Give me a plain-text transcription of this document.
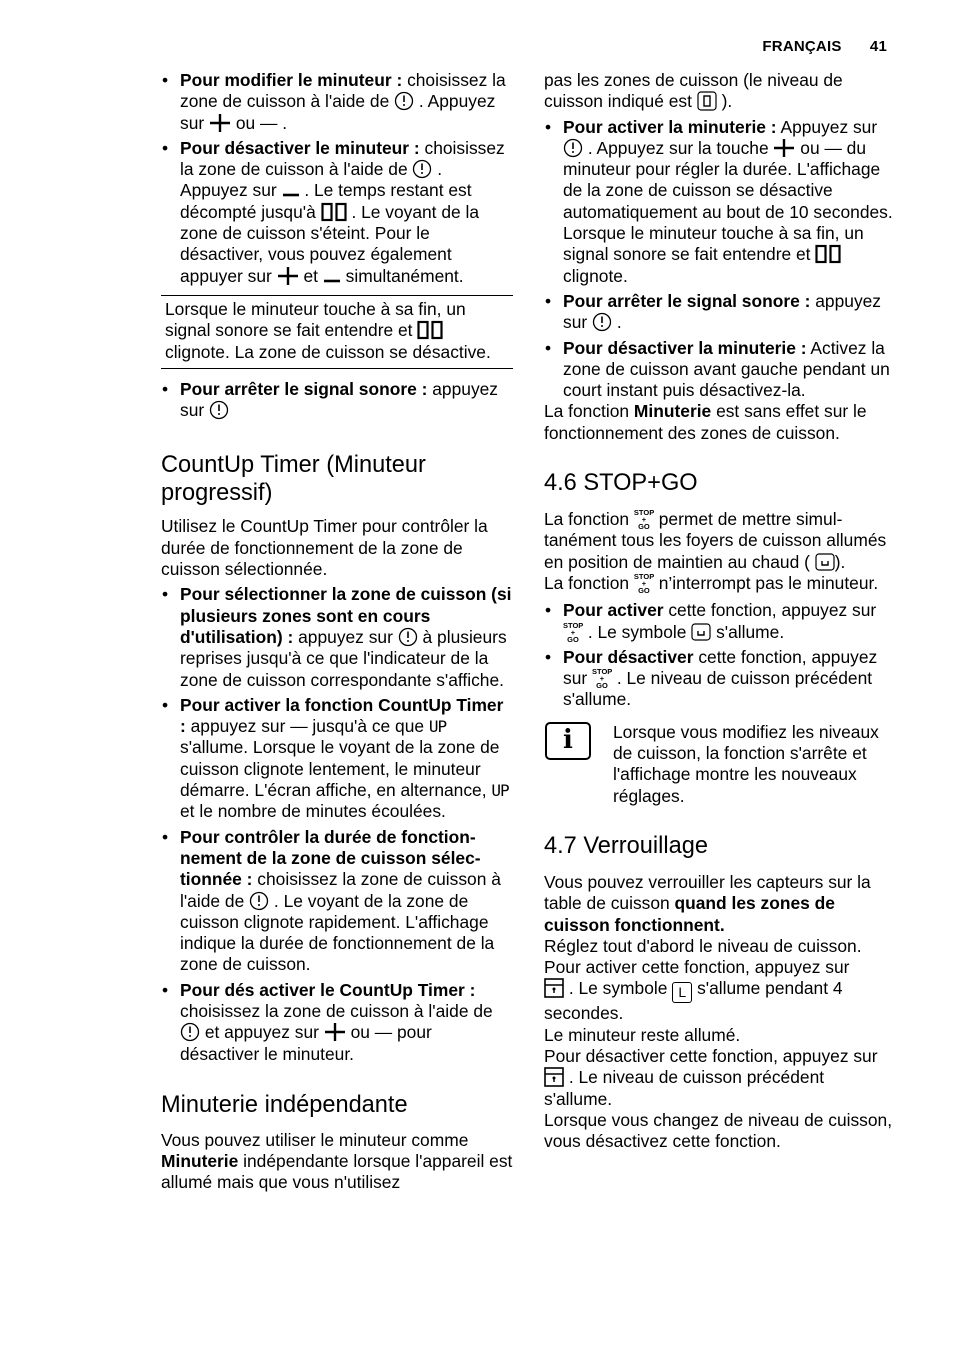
FRANÇAIS 41
• Pour modifier le minuteur : choisissez la zone de cuisson à l'aide de  . Appuyez sur  ou — .
• Pour désactiver le minuteur : choisissez la zone de cuisson à l'aide de  . Appuyez sur  . Le temps restant est décompté jusqu'à  . Le voyant de la zone de cuisson s'éteint. Pour le désactiver, vous pouvez également appuyer sur  et  simultanément.
Lorsque le minuteur touche à sa fin, un signal sonore se fait entendre et  clignote. La zone de cuisson se désactive.
• Pour arrêter le signal sonore : appuyez sur
CountUp Timer (Minuteur progressif)

Utilisez le CountUp Timer pour contrôler la durée de fonctionnement de la zone de cuisson sélectionnée.

• Pour sélectionner la zone de cuisson (si plusieurs zones sont en cours d'utilisation) : appuyez sur  à plusieurs reprises jusqu'à ce que l'indicateur de la zone de cuisson correspondante s'affiche.
• Pour activer la fonction CountUp Timer : appuyez sur — jusqu'à ce que UP s'allume. Lorsque le voyant de la zone de cuisson clignote lentement, le minuteur démarre. L'écran affiche, en alternance, UP et le nombre de minutes écoulées.
• Pour contrôler la durée de fonctionnement de la zone de cuisson sélectionnée : choisissez la zone de cuisson à l'aide de  . Le voyant de la zone de cuisson clignote rapidement. L'affichage indique la durée de fonctionnement de la zone de cuisson.
• Pour dés activer le CountUp Timer : choisissez la zone de cuisson à l'aide de  et appuyez sur  ou — pour désactiver le minuteur.
Minuterie indépendante

Vous pouvez utiliser le minuteur comme Minuterie indépendante lorsque l'appareil est allumé mais que vous n'utilisez

pas les zones de cuisson (le niveau de cuisson indiqué est  ).

• Pour activer la minuterie : Appuyez sur  . Appuyez sur la touche  ou — du minuteur pour régler la durée. L'affichage de la zone de cuisson se désactive automatiquement au bout de 10 secondes. Lorsque le minuteur touche à sa fin, un signal sonore se fait entendre et  clignote.
• Pour arrêter le signal sonore : appuyez sur  .
• Pour désactiver la minuterie : Activez la zone de cuisson avant gauche pendant un court instant puis désactivez-la.

La fonction Minuterie est sans effet sur le fonctionnement des zones de cuisson.

4.6 STOP+GO

La fonction STOP
+
GO permet de mettre simultanément tous les foyers de cuisson allumés en position de maintien au chaud ( ).

La fonction STOP
+
GO n’interrompt pas le minuteur.

• Pour activer cette fonction, appuyez sur STOP
+
GO . Le symbole  s'allume.
• Pour désactiver cette fonction, appuyez sur STOP
+
GO . Le niveau de cuisson précédent s'allume.
i Lorsque vous modifiez les niveaux de cuisson, la fonction s'arrête et l'affichage montre les nouveaux réglages.
4.7 Verrouillage

Vous pouvez verrouiller les capteurs sur la table de cuisson quand les zones de cuisson fonctionnent.

Réglez tout d'abord le niveau de cuisson.

Pour activer cette fonction, appuyez sur
. Le symbole L s'allume pendant 4 secondes.

Le minuteur reste allumé.

Pour désactiver cette fonction, appuyez sur  . Le niveau de cuisson précédent s'allume.

Lorsque vous changez de niveau de cuisson, vous désactivez cette fonction.
